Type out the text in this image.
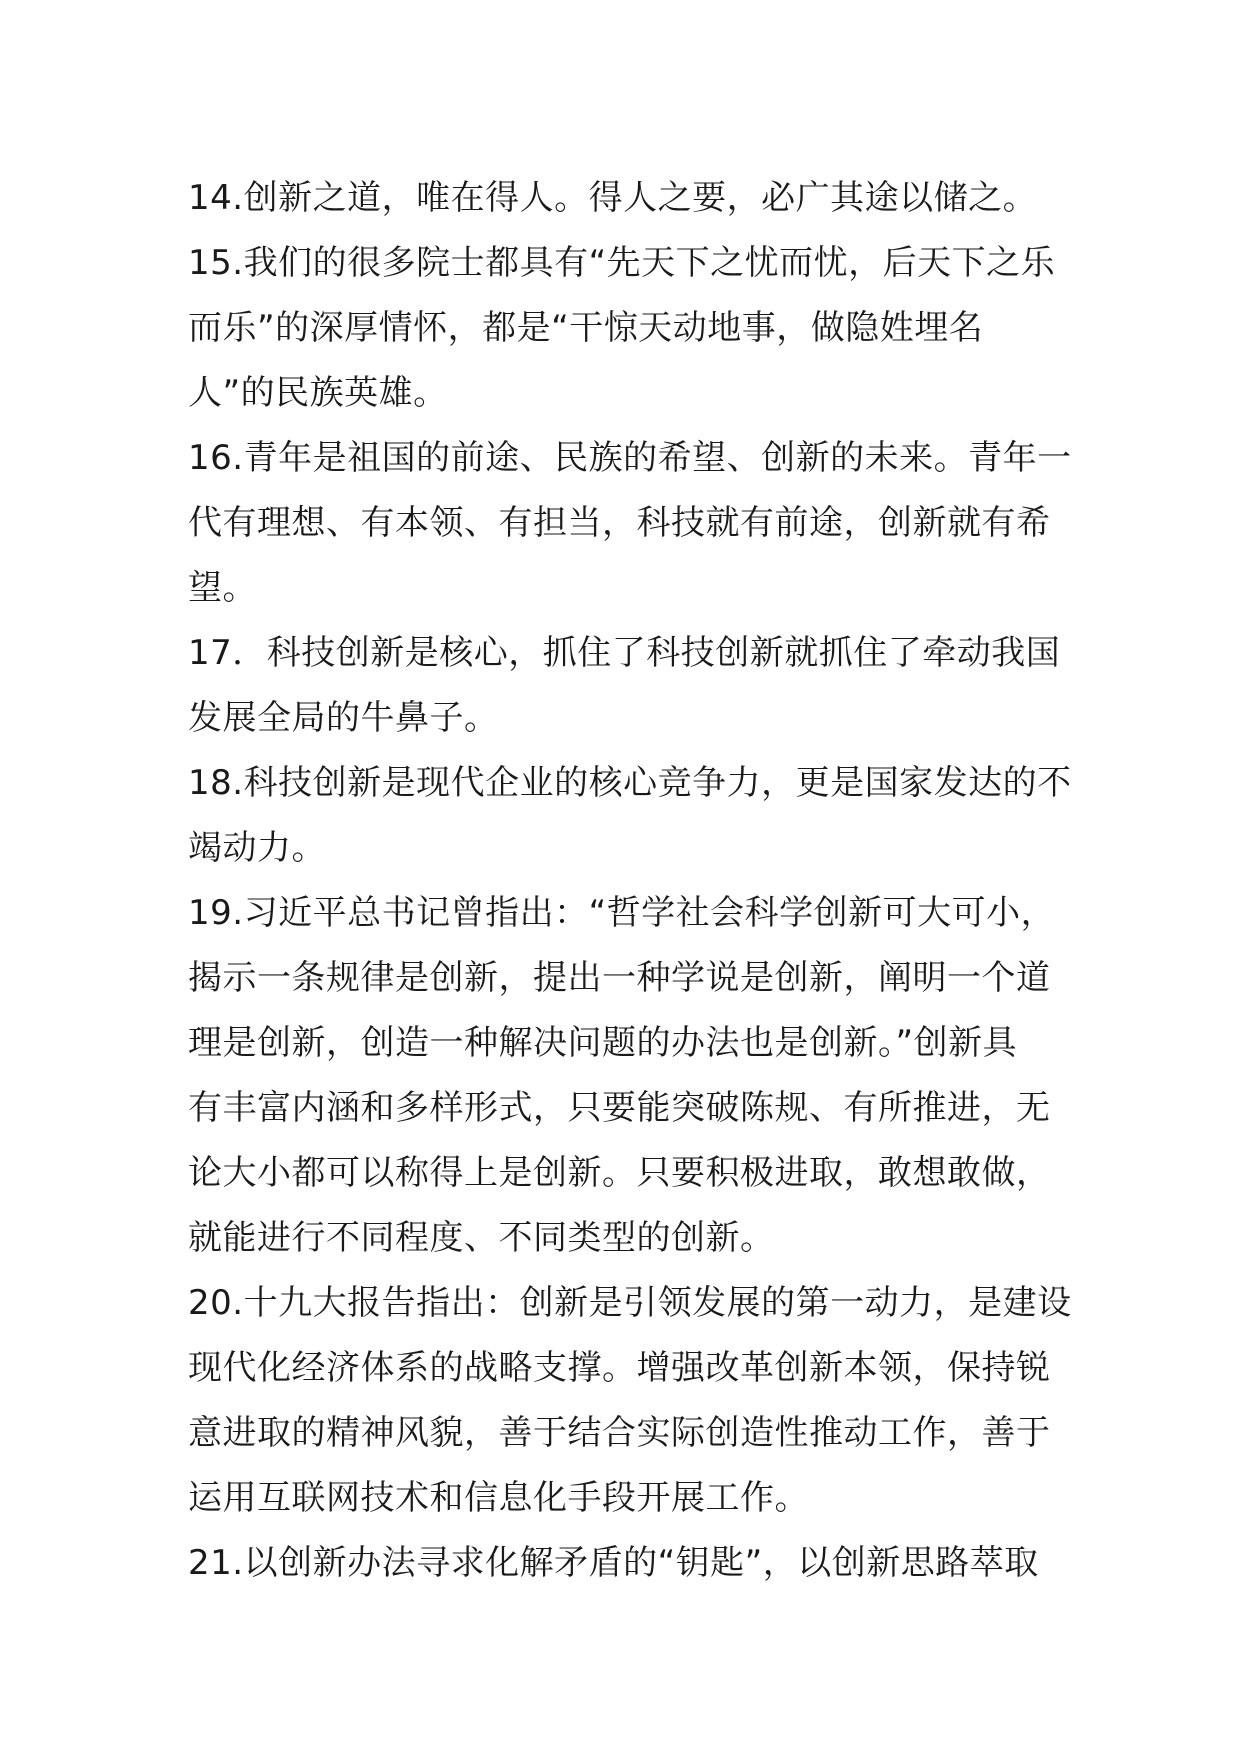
14.创新之道，唯在得人。得人之要，必广其途以储之。
15.我们的很多院士都具有“先天下之忧而忧，后天下之乐
而乐”的深厚情怀，都是“干惊天动地事，做隐姓埋名
人”的民族英雄。
16.青年是祖国的前途、民族的希望、创新的未来。青年一
代有理想、有本领、有担当，科技就有前途，创新就有希
望。
17．科技创新是核心，抓住了科技创新就抓住了牵动我国
发展全局的牛鼻子。
18.科技创新是现代企业的核心竞争力，更是国家发达的不
竭动力。
19.习近平总书记曾指出：“哲学社会科学创新可大可小，
揭示一条规律是创新，提出一种学说是创新，阐明一个道
理是创新，创造一种解决问题的办法也是创新。”创新具
有丰富内涵和多样形式，只要能突破陈规、有所推进，无
论大小都可以称得上是创新。只要积极进取，敢想敢做，
就能进行不同程度、不同类型的创新。
20.十九大报告指出：创新是引领发展的第一动力，是建设
现代化经济体系的战略支撑。增强改革创新本领，保持锐
意进取的精神风貌，善于结合实际创造性推动工作，善于
运用互联网技术和信息化手段开展工作。
21.以创新办法寻求化解矛盾的“钥匙”，以创新思路萃取
